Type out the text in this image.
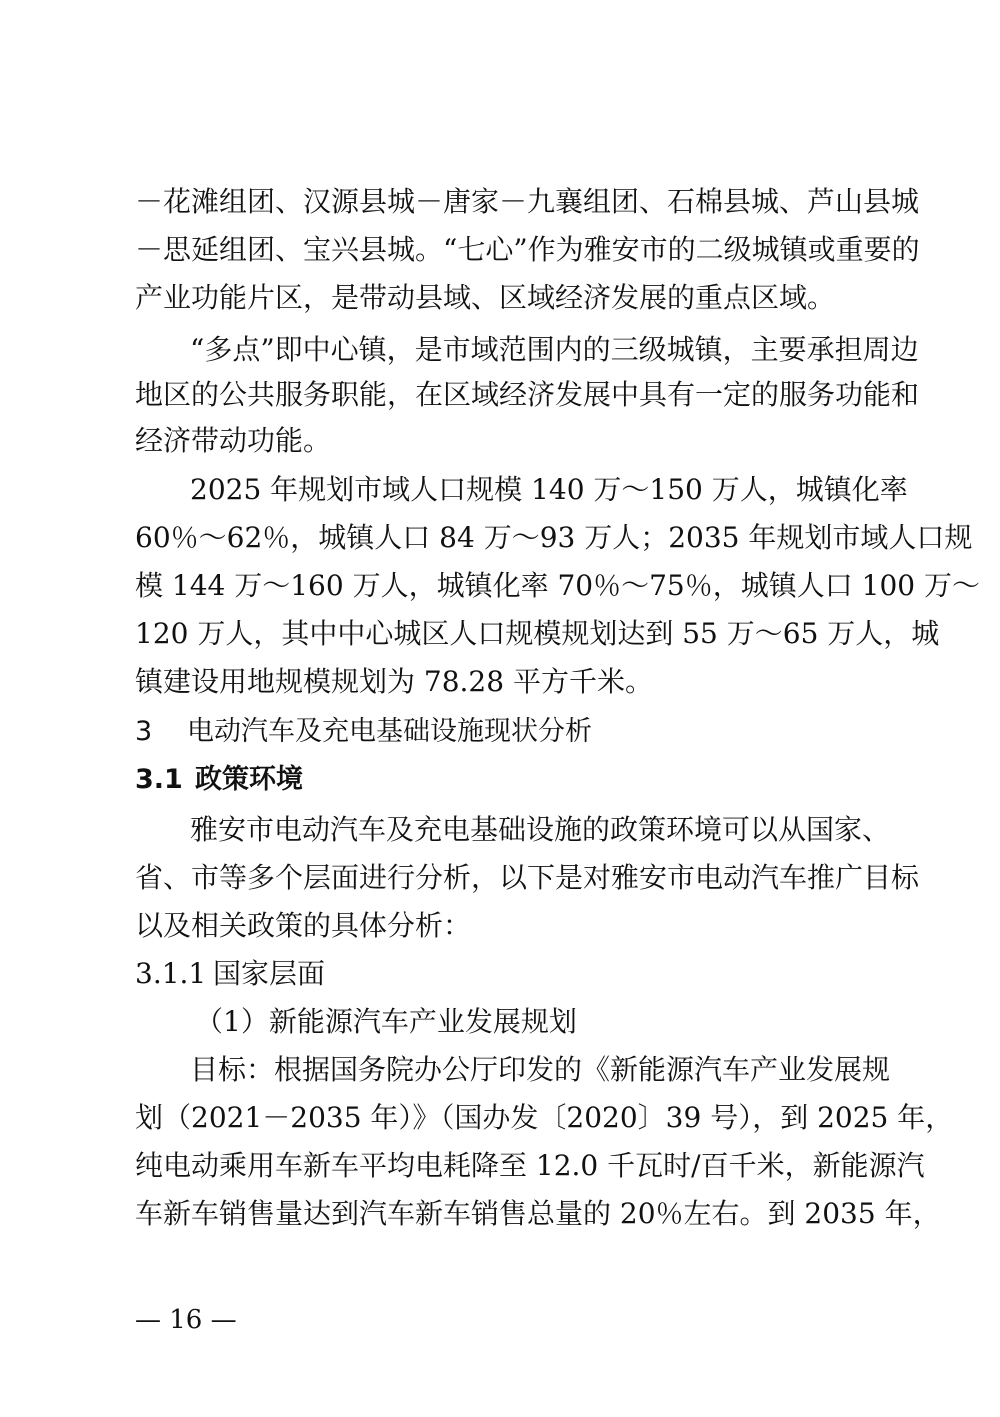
－花滩组团、汉源县城－唐家－九襄组团、石棉县城、芦山县城
－思延组团、宝兴县城。“七心”作为雅安市的二级城镇或重要的
产业功能片区，是带动县域、区域经济发展的重点区域。
“多点”即中心镇，是市域范围内的三级城镇，主要承担周边
地区的公共服务职能，在区域经济发展中具有一定的服务功能和
经济带动功能。
2025 年规划市域人口规模 140 万～150 万人，城镇化率
60％～62％，城镇人口 84 万～93 万人；2035 年规划市域人口规
模 144 万～160 万人，城镇化率 70％～75％，城镇人口 100 万～
120 万人，其中中心城区人口规模规划达到 55 万～65 万人，城
镇建设用地规模规划为 78.28 平方千米。
3 电动汽车及充电基础设施现状分析
3.1 政策环境
雅安市电动汽车及充电基础设施的政策环境可以从国家、
省、市等多个层面进行分析，以下是对雅安市电动汽车推广目标
以及相关政策的具体分析：
3.1.1 国家层面
（1）新能源汽车产业发展规划
目标：根据国务院办公厅印发的《新能源汽车产业发展规
划（2021－2035 年）》（国办发〔2020〕39 号），到 2025 年，
纯电动乘用车新车平均电耗降至 12.0 千瓦时/百千米，新能源汽
车新车销售量达到汽车新车销售总量的 20％左右。到 2035 年，
— 16 —
